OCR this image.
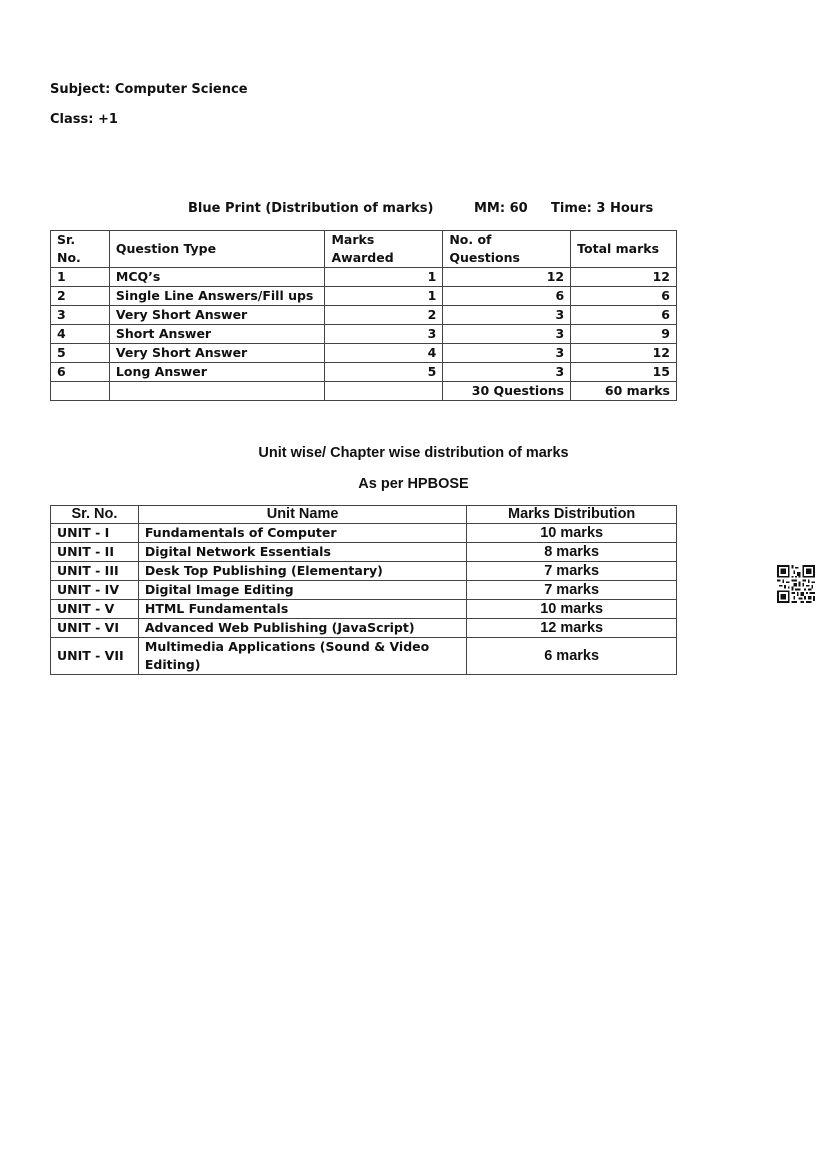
Subject: Computer Science
Class: +1
Blue Print (Distribution of marks)	MM: 60 Time: 3 Hours
Sr. No.	Question Type	Marks Awarded	No. of Questions	Total marks
1	MCQ’s	1	12	12
2	Single Line Answers/Fill ups	1	6	6
3	Very Short Answer	2	3	6
4	Short Answer	3	3	9
5	Very Short Answer	4	3	12
6	Long Answer	5	3	15
			30 Questions	60 marks
Unit wise/ Chapter wise distribution of marks
As per HPBOSE
Sr. No.	Unit Name	Marks Distribution
UNIT - I	Fundamentals of Computer	10 marks
UNIT - II	Digital Network Essentials	8 marks
UNIT - III	Desk Top Publishing (Elementary)	7 marks
UNIT - IV	Digital Image Editing	7 marks
UNIT - V	HTML Fundamentals	10 marks
UNIT - VI	Advanced Web Publishing (JavaScript)	12 marks
UNIT - VII	Multimedia Applications (Sound & Video Editing)	6 marks
